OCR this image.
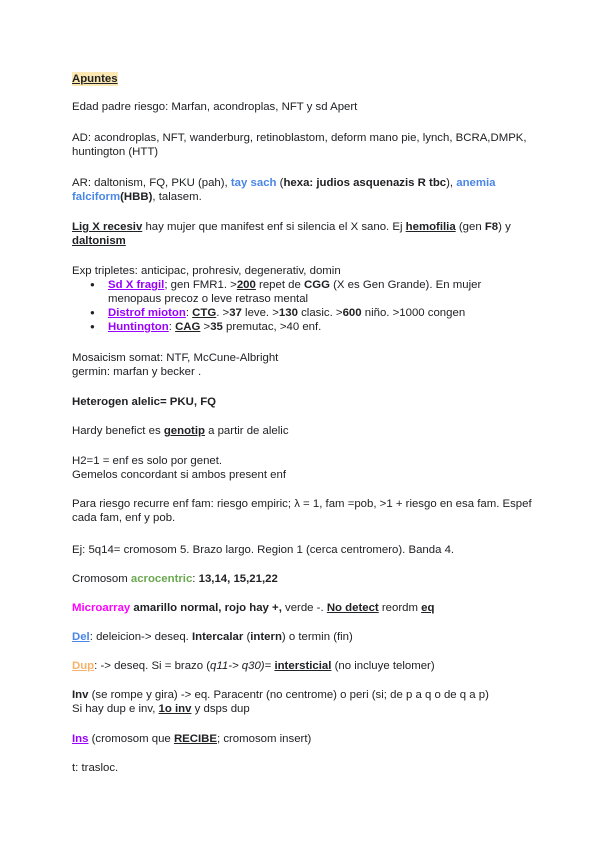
Apuntes

Edad padre riesgo: Marfan, acondroplas, NFT y sd Apert

AD: acondroplas, NFT, wanderburg, retinoblastom, deform mano pie, lynch, BCRA,DMPK, huntington (HTT)

AR: daltonism, FQ, PKU (pah), tay sach (hexa: judios asquenazis R tbc), anemia falciform(HBB), talasem.

Lig X recesiv hay mujer que manifest enf si silencia el X sano. Ej hemofilia (gen F8) y daltonism

Exp tripletes: anticipac, prohresiv, degenerativ, domin

● Sd X fragil; gen FMR1. >200 repet de CGG (X es Gen Grande). En mujer menopaus precoz o leve retraso mental
● Distrof mioton: CTG. >37 leve. >130 clasic. >600 niño. >1000 congen
● Huntington: CAG >35 premutac, >40 enf.

Mosaicism somat: NTF, McCune-Albright

germin: marfan y becker .

Heterogen alelic= PKU, FQ

Hardy benefict es genotip a partir de alelic

H2=1 = enf es solo por genet.

Gemelos concordant si ambos present enf

Para riesgo recurre enf fam: riesgo empiric; λ = 1, fam =pob, >1 + riesgo en esa fam. Espef cada fam, enf y pob.

Ej: 5q14= cromosom 5. Brazo largo. Region 1 (cerca centromero). Banda 4.

Cromosom acrocentric: 13,14, 15,21,22

Microarray amarillo normal, rojo hay +, verde -. No detect reordm eq

Del: deleicion-> deseq. Intercalar (intern) o termin (fin)

Dup: -> deseq. Si = brazo (q11-> q30)= intersticial (no incluye telomer)

Inv (se rompe y gira) -> eq. Paracentr (no centrome) o peri (si; de p a q o de q a p)

Si hay dup e inv, 1o inv y dsps dup

Ins (cromosom que RECIBE; cromosom insert)

t: trasloc.
